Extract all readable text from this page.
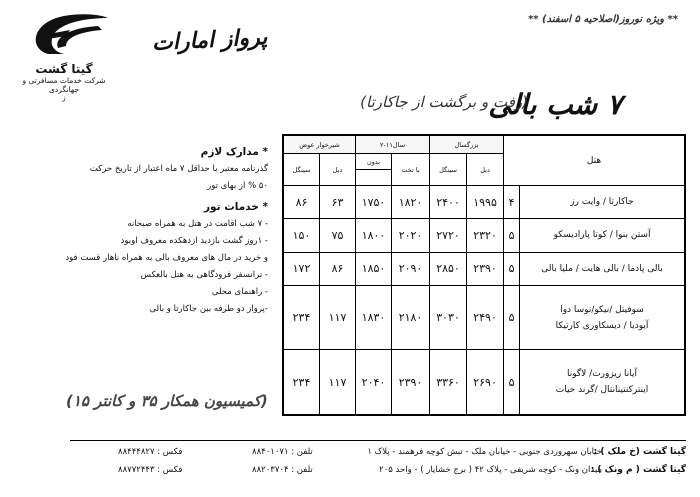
گیتا گشت
شرکت خدمات مسافرتی و جهانگردی
ز
** ویژه نوروز(اصلاحیه ۵ اسفند) **
پرواز امارات
۷ شب بالی
(رفت و برگشت از جاکارتا)
* مدارک لازم
گذرنامه معتبر با حداقل ۷ ماه اعتبار از تاریخ حرکت
۵۰ % از بهای تور
* خدمات تور
- ۷ شب اقامت در هتل به همراه صبحانه
- ۱روز گشت بازدید ازدهکده معروف اوبود
و خرید در مال های معروف بالی به همراه ناهار قست فود
- ترانسفر فرودگاهی به هتل بالعکس
- راهنمای محلی
-پرواز دو طرفه بین جاکارتا و بالی
(کمیسیون همکار ۳۵ و کانتر ۱۵)
شیرخوار عوض		۲-۱۱سال		بزرگسال		هتل	
سینگل	دبل	بدون	با تخت	سینگل	دبل		

۸۶	۶۳	۱۷۵۰	۱۸۲۰	۲۴۰۰	۱۹۹۵	۴	جاکارتا / وایت رز
۱۵۰	۷۵	۱۸۰۰	۲۰۲۰	۲۷۲۰	۲۳۲۰	۵	آستن بنوا / کوتا پارادیسکو
۱۷۲	۸۶	۱۸۵۰	۲۰۹۰	۲۸۵۰	۲۳۹۰	۵	بالی پادما / بالی هایت / ملیا بالی
۲۳۴	۱۱۷	۱۸۳۰	۲۱۸۰	۳۰۳۰	۲۴۹۰	۵	سوفیتل /نیکو/نوسا دوا
آیودیا / دیسکاوری کارتیکا

۲۳۴	۱۱۷	۲۰۴۰	۲۳۹۰	۳۳۶۰	۲۶۹۰	۵	آیانا ریزورت/ لاگونا
اینترکنتینانتال /گرند حیات
گیتا گشت (خ ملک ) :
خیابان سهروردی جنوبی - خیابان ملک - نبش کوچه فرهمند - پلاک ۱
تلفن : ۸۸۴۰۱۰۷۱
فکس : ۸۸۴۴۴۸۲۷
گیتا گشت ( م ونک ) :
میدان ونک - کوچه شریفی - پلاک ۴۲ ( برج خشایار ) - واحد ۲۰۵
تلفن : ۸۸۲۰۳۷۰۴
فکس : ۸۸۷۷۲۴۴۳
